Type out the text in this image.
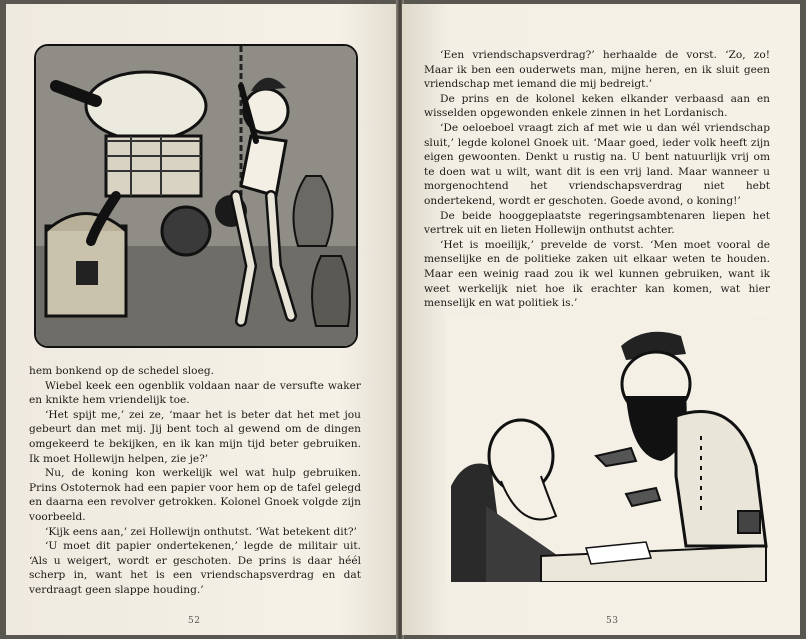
hem bonkend op de schedel sloeg.

Wiebel keek een ogenblik voldaan naar de versufte waker en knikte hem vriendelijk toe.

‘Het spijt me,’ zei ze, ‘maar het is beter dat het met jou gebeurt dan met mij. Jij bent toch al gewend om de dingen omgekeerd te bekijken, en ik kan mijn tijd beter gebruiken. Ik moet Hollewijn helpen, zie je?’

Nu, de koning kon werkelijk wel wat hulp gebruiken. Prins Ostoternok had een papier voor hem op de tafel gelegd en daarna een revolver getrokken. Kolonel Gnoek volgde zijn voorbeeld.

‘Kijk eens aan,’ zei Hollewijn onthutst. ‘Wat betekent dit?’

‘U moet dit papier ondertekenen,’ legde de militair uit. ‘Als u weigert, wordt er geschoten. De prins is daar héél scherp in, want het is een vriendschapsverdrag en dat verdraagt geen slappe houding.’

52

‘Een vriendschapsverdrag?’ herhaalde de vorst. ‘Zo, zo! Maar ik ben een ouderwets man, mijne heren, en ik sluit geen vriendschap met iemand die mij bedreigt.’

De prins en de kolonel keken elkander verbaasd aan en wisselden opgewonden enkele zinnen in het Lordanisch.

‘De oeloeboel vraagt zich af met wie u dan wél vriendschap sluit,’ legde kolonel Gnoek uit. ‘Maar goed, ieder volk heeft zijn eigen gewoonten. Denkt u rustig na. U bent natuurlijk vrij om te doen wat u wilt, want dit is een vrij land. Maar wanneer u morgenochtend het vriendschapsverdrag niet hebt ondertekend, wordt er geschoten. Goede avond, o koning!’

De beide hooggeplaatste regeringsambtenaren liepen het vertrek uit en lieten Hollewijn onthutst achter.

‘Het is moeilijk,’ prevelde de vorst. ‘Men moet vooral de menselijke en de politieke zaken uit elkaar weten te houden. Maar een weinig raad zou ik wel kunnen gebruiken, want ik weet werkelijk niet hoe ik erachter kan komen, wat hier menselijk en wat politiek is.’

53
